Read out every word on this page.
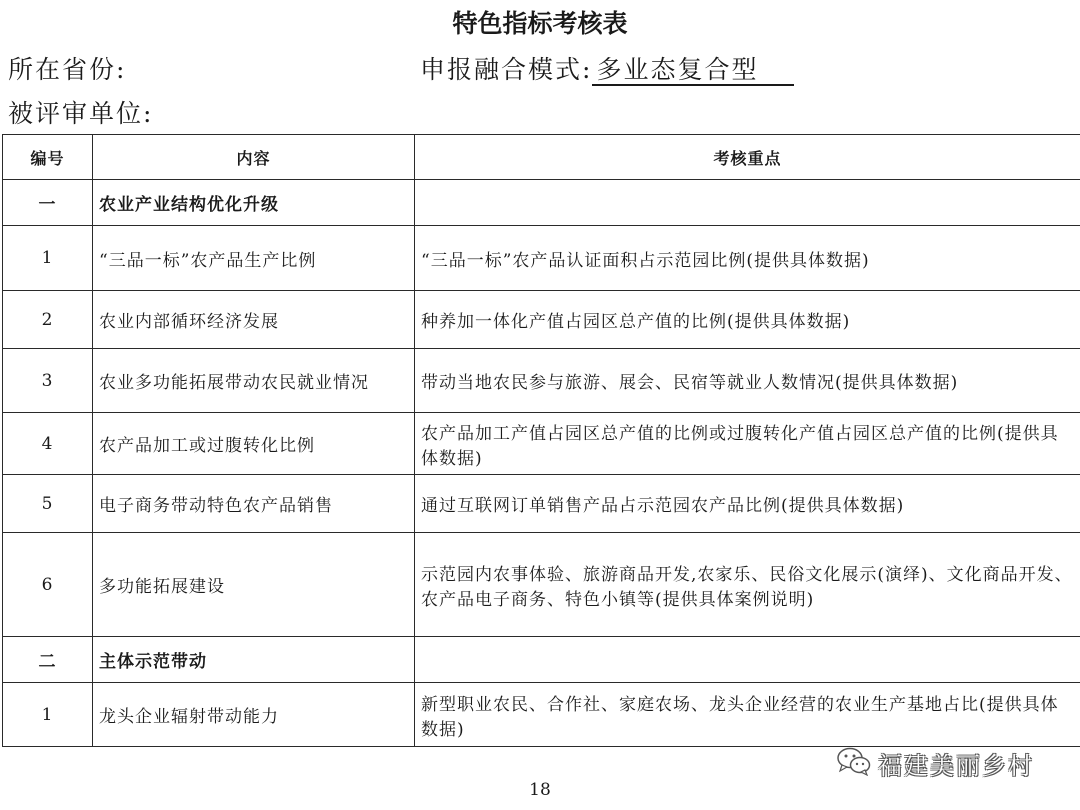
特色指标考核表
所在省份:	申报融合模式: 多业态复合型
被评审单位:
编号	内容	考核重点
一	农业产业结构优化升级	
1	“三品一标”农产品生产比例	“三品一标”农产品认证面积占示范园比例(提供具体数据)
2	农业内部循环经济发展	种养加一体化产值占园区总产值的比例(提供具体数据)
3	农业多功能拓展带动农民就业情况	带动当地农民参与旅游、展会、民宿等就业人数情况(提供具体数据)
4	农产品加工或过腹转化比例	农产品加工产值占园区总产值的比例或过腹转化产值占园区总产值的比例(提供具体数据)
5	电子商务带动特色农产品销售	通过互联网订单销售产品占示范园农产品比例(提供具体数据)
6	多功能拓展建设	示范园内农事体验、旅游商品开发,农家乐、民俗文化展示(演绎)、文化商品开发、农产品电子商务、特色小镇等(提供具体案例说明)
二	主体示范带动	
1	龙头企业辐射带动能力	新型职业农民、合作社、家庭农场、龙头企业经营的农业生产基地占比(提供具体数据)
福建美丽乡村
18
